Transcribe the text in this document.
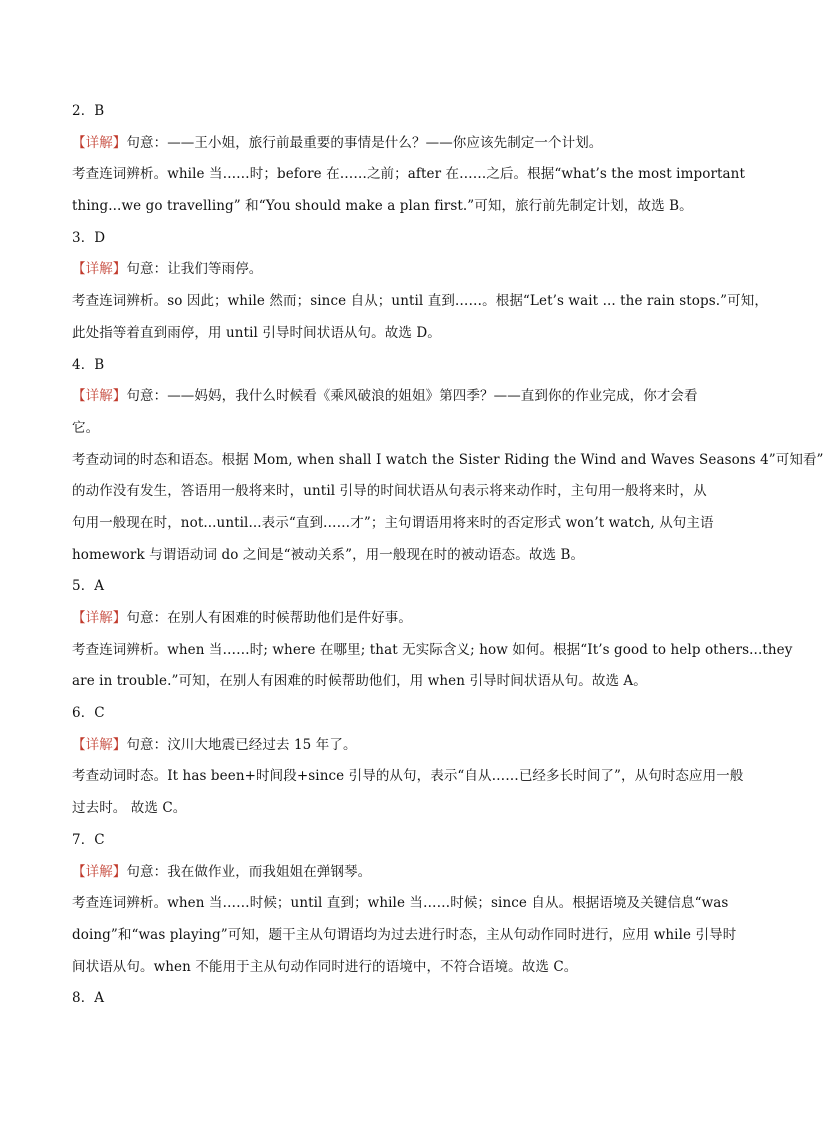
2．B
【详解】句意：——王小姐，旅行前最重要的事情是什么？——你应该先制定一个计划。
考查连词辨析。while 当……时；before 在……之前；after 在……之后。根据“what’s the most important
thing...we go travelling” 和“You should make a plan first.”可知，旅行前先制定计划，故选 B。
3．D
【详解】句意：让我们等雨停。
考查连词辨析。so 因此；while 然而；since 自从；until 直到……。根据“Let’s wait ... the rain stops.”可知，
此处指等着直到雨停，用 until 引导时间状语从句。故选 D。
4．B
【详解】句意：——妈妈，我什么时候看《乘风破浪的姐姐》第四季？——直到你的作业完成，你才会看
它。
考查动词的时态和语态。根据 Mom, when shall I watch the Sister Riding the Wind and Waves Seasons 4”可知看”
的动作没有发生，答语用一般将来时，until 引导的时间状语从句表示将来动作时，主句用一般将来时，从
句用一般现在时，not...until...表示“直到……才”；主句谓语用将来时的否定形式 won’t watch, 从句主语
homework 与谓语动词 do 之间是“被动关系”，用一般现在时的被动语态。故选 B。
5．A
【详解】句意：在别人有困难的时候帮助他们是件好事。
考查连词辨析。when 当……时; where 在哪里; that 无实际含义; how 如何。根据“It’s good to help others...they
are in trouble.”可知，在别人有困难的时候帮助他们，用 when 引导时间状语从句。故选 A。
6．C
【详解】句意：汶川大地震已经过去 15 年了。
考查动词时态。It has been+时间段+since 引导的从句，表示“自从……已经多长时间了”，从句时态应用一般
过去时。 故选 C。
7．C
【详解】句意：我在做作业，而我姐姐在弹钢琴。
考查连词辨析。when 当……时候；until 直到；while 当……时候；since 自从。根据语境及关键信息“was
doing”和“was playing”可知，题干主从句谓语均为过去进行时态，主从句动作同时进行，应用 while 引导时
间状语从句。when 不能用于主从句动作同时进行的语境中，不符合语境。故选 C。
8．A
